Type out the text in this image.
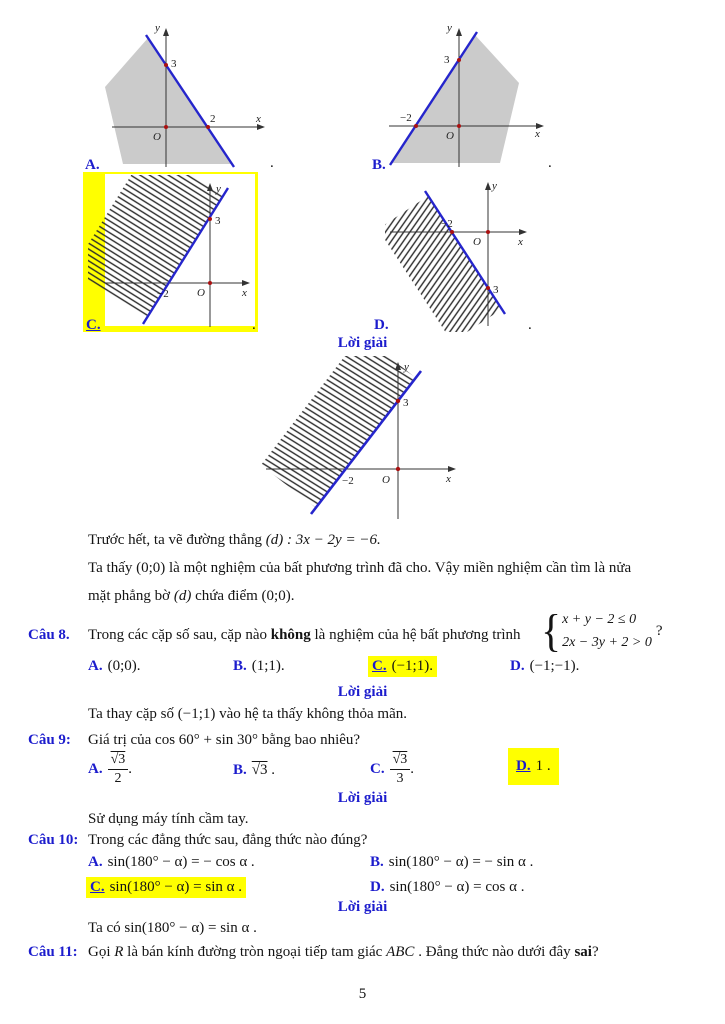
y
x
O
3
2
A.	.
y
x
O
3
−2
B.	.
y
x
O
3
−2
C.	.
y
x
O
−2
3
D.	.
Lời giải
y
x
O
3
−2
Trước hết, ta vẽ đường thẳng (d) : 3x − 2y = −6.
Ta thấy (0;0) là một nghiệm của bất phương trình đã cho. Vậy miền nghiệm cần tìm là nửa
mặt phẳng bờ (d) chứa điểm (0;0).
Câu 8. Trong các cặp số sau, cặp nào không là nghiệm của hệ bất phương trình { x + y − 2 ≤ 0
2x − 3y + 2 > 0
?
A. (0;0).	B. (1;1).	C. (−1;1).	D. (−1;−1).
Lời giải
Ta thay cặp số (−1;1) vào hệ ta thấy không thỏa mãn.
Câu 9: Giá trị của cos 60° + sin 30° bằng bao nhiêu?
A. $\frac{√3}{2}$ .	B. √3 .	C. $\frac{√3}{3}$ .	D. 1 .
Lời giải
Sử dụng máy tính cầm tay.
Câu 10: Trong các đẳng thức sau, đẳng thức nào đúng?
A. sin(180° − α) = − cos α .	B. sin(180° − α) = − sin α .
C. sin(180° − α) = sin α .	D. sin(180° − α) = cos α .
Lời giải
Ta có sin(180° − α) = sin α .
Câu 11: Gọi R là bán kính đường tròn ngoại tiếp tam giác ABC . Đẳng thức nào dưới đây sai?
5
